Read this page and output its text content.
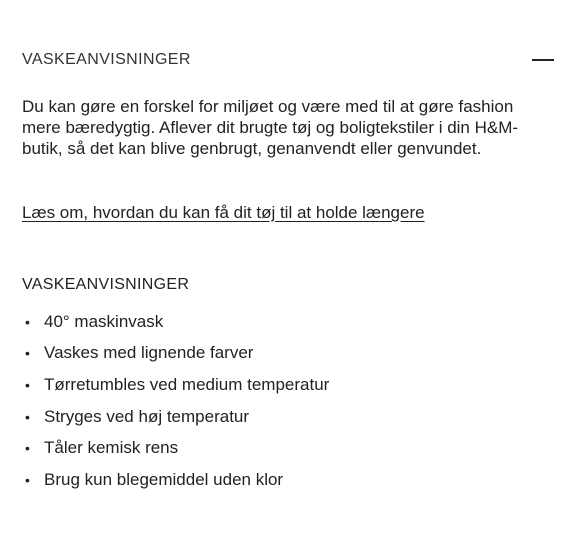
VASKEANVISNINGER

Du kan gøre en forskel for miljøet og være med til at gøre fashion mere bæredygtig. Aflever dit brugte tøj og boligtekstiler i din H&M-butik, så det kan blive genbrugt, genanvendt eller genvundet.

Læs om, hvordan du kan få dit tøj til at holde længere
VASKEANVISNINGER
• 40° maskinvask
• Vaskes med lignende farver
• Tørretumbles ved medium temperatur
• Stryges ved høj temperatur
• Tåler kemisk rens
• Brug kun blegemiddel uden klor
